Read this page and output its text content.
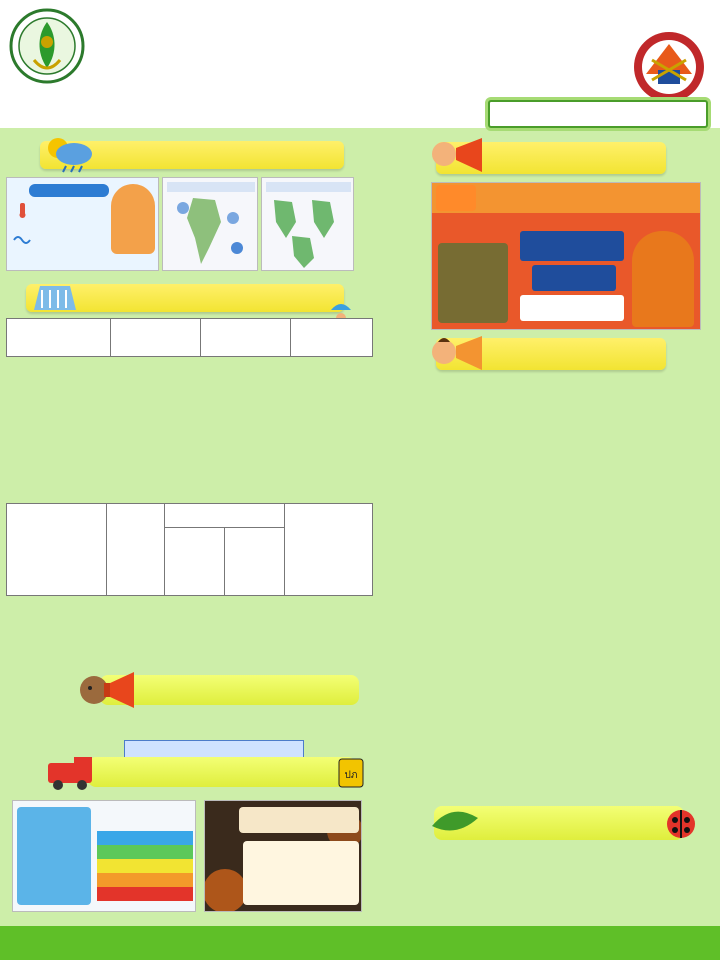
ปภ
